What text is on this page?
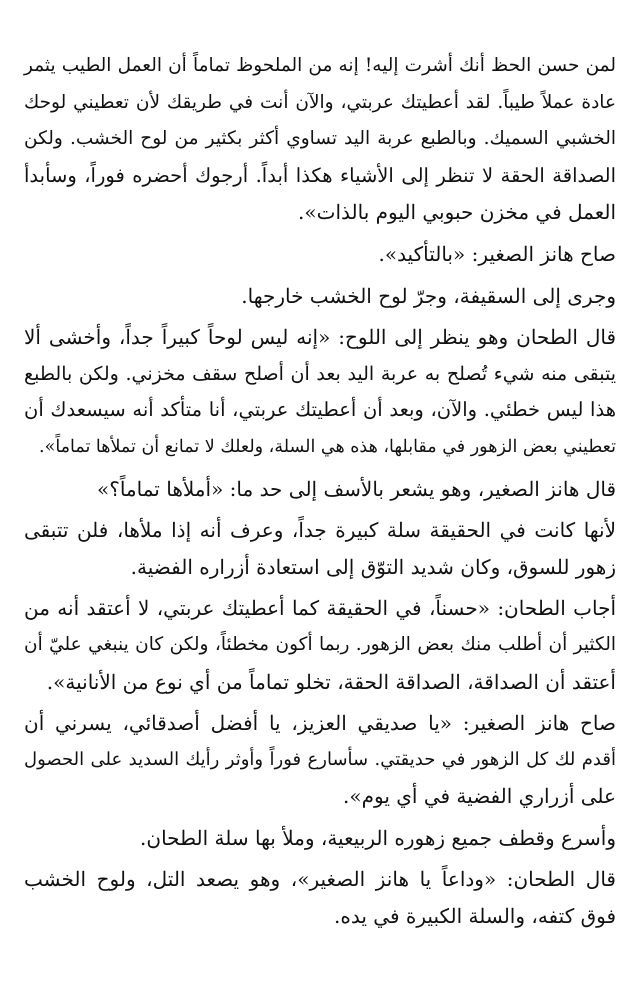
لمن حسن الحظ أنك أشرت إليه! إنه من الملحوظ تماماً أن العمل الطيب يثمر
عادة عملاً طيباً. لقد أعطيتك عربتي، والآن أنت في طريقك لأن تعطيني لوحك
الخشبي السميك. وبالطبع عربة اليد تساوي أكثر بكثير من لوح الخشب. ولكن
الصداقة الحقة لا تنظر إلى الأشياء هكذا أبداً. أرجوك أحضره فوراً، وسأبدأ
العمل في مخزن حبوبي اليوم بالذات».
صاح هانز الصغير: «بالتأكيد».
وجرى إلى السقيفة، وجرّ لوح الخشب خارجها.
قال الطحان وهو ينظر إلى اللوح: «إنه ليس لوحاً كبيراً جداً، وأخشى ألا
يتبقى منه شيء تُصلح به عربة اليد بعد أن أصلح سقف مخزني. ولكن بالطبع
هذا ليس خطئي. والآن، وبعد أن أعطيتك عربتي، أنا متأكد أنه سيسعدك أن
تعطيني بعض الزهور في مقابلها، هذه هي السلة، ولعلك لا تمانع أن تملأها تماماً».
قال هانز الصغير، وهو يشعر بالأسف إلى حد ما: «أملأها تماماً؟»
لأنها كانت في الحقيقة سلة كبيرة جداً، وعرف أنه إذا ملأها، فلن تتبقى
زهور للسوق، وكان شديد التوّق إلى استعادة أزراره الفضية.
أجاب الطحان: «حسناً، في الحقيقة كما أعطيتك عربتي، لا أعتقد أنه من
الكثير أن أطلب منك بعض الزهور. ربما أكون مخطئاً، ولكن كان ينبغي عليّ أن
أعتقد أن الصداقة، الصداقة الحقة، تخلو تماماً من أي نوع من الأنانية».
صاح هانز الصغير: «يا صديقي العزيز، يا أفضل أصدقائي، يسرني أن
أقدم لك كل الزهور في حديقتي. سأسارع فوراً وأوثر رأيك السديد على الحصول
على أزراري الفضية في أي يوم».
وأسرع وقطف جميع زهوره الربيعية، وملأ بها سلة الطحان.
قال الطحان: «وداعاً يا هانز الصغير»، وهو يصعد التل، ولوح الخشب
فوق كتفه، والسلة الكبيرة في يده.
